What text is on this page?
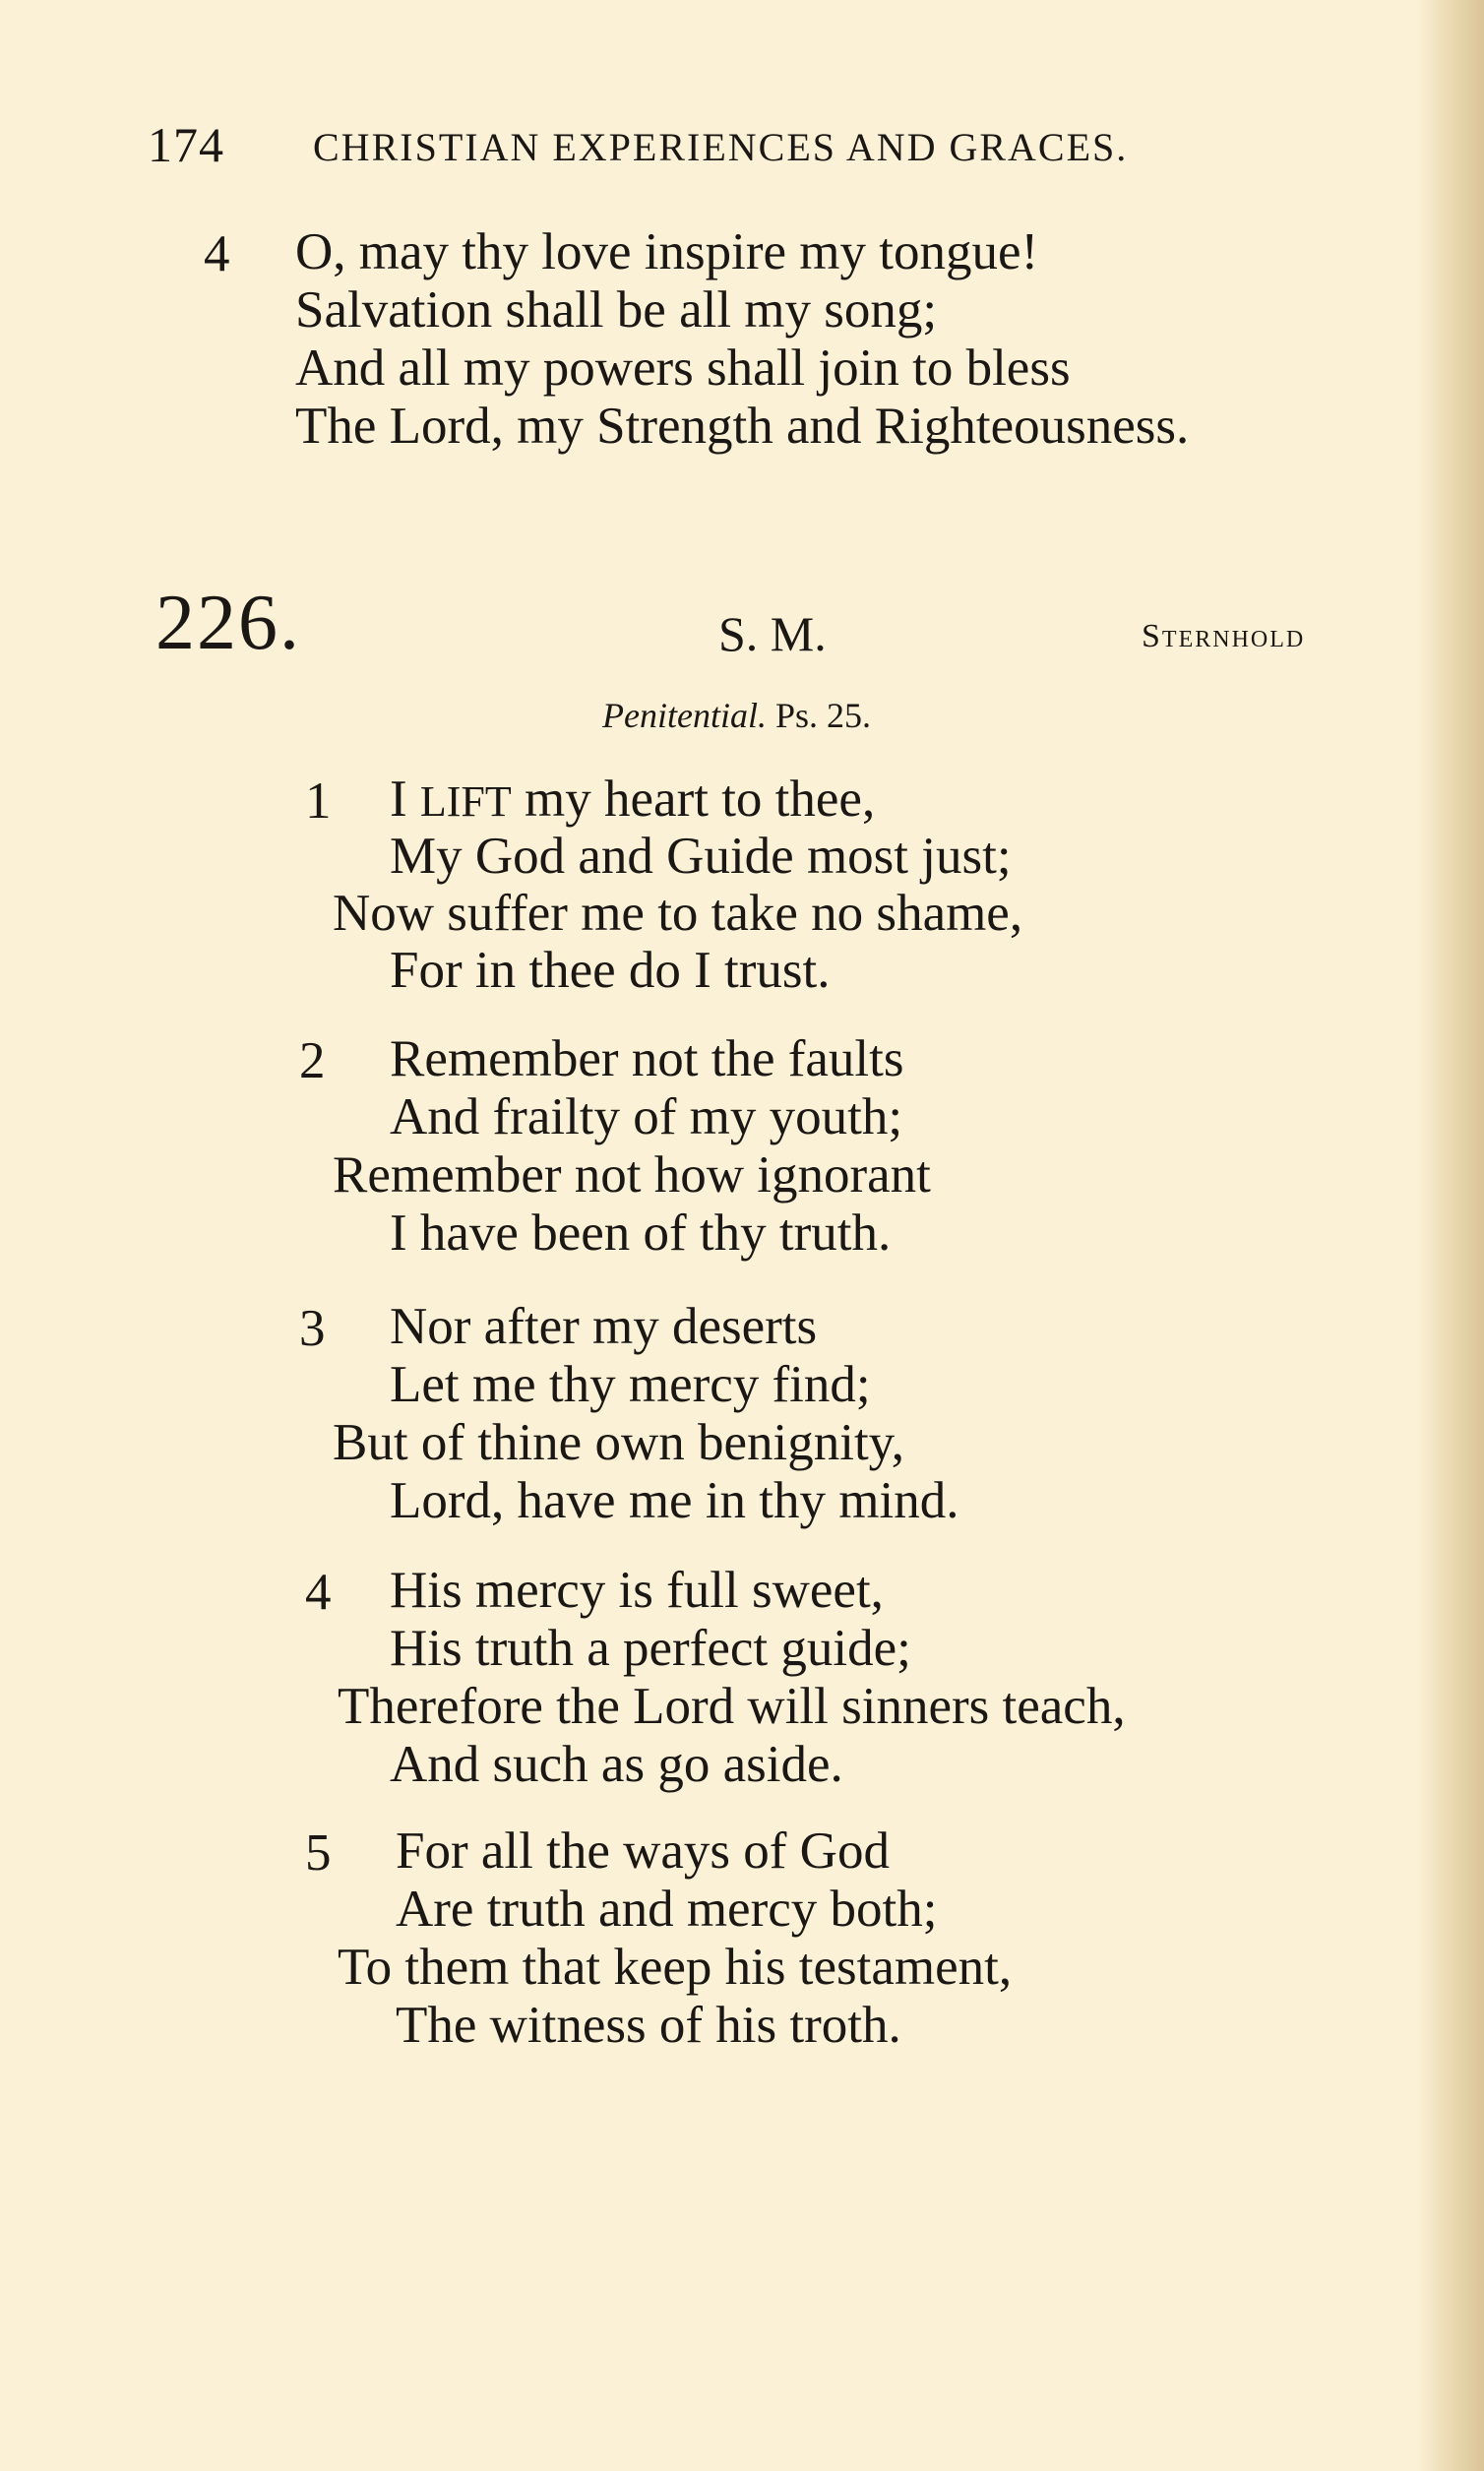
174 CHRISTIAN EXPERIENCES AND GRACES.
4 O, may thy love inspire my tongue!
Salvation shall be all my song;
And all my powers shall join to bless
The Lord, my Strength and Righteousness.
226.	S. M.	Sternhold
Penitential. Ps. 25.
1 I LIFT my heart to thee,
My God and Guide most just;
Now suffer me to take no shame,
For in thee do I trust.
2 Remember not the faults
And frailty of my youth;
Remember not how ignorant
I have been of thy truth.
3 Nor after my deserts
Let me thy mercy find;
But of thine own benignity,
Lord, have me in thy mind.
4 His mercy is full sweet,
His truth a perfect guide;
Therefore the Lord will sinners teach,
And such as go aside.
5 For all the ways of God
Are truth and mercy both;
To them that keep his testament,
The witness of his troth.
